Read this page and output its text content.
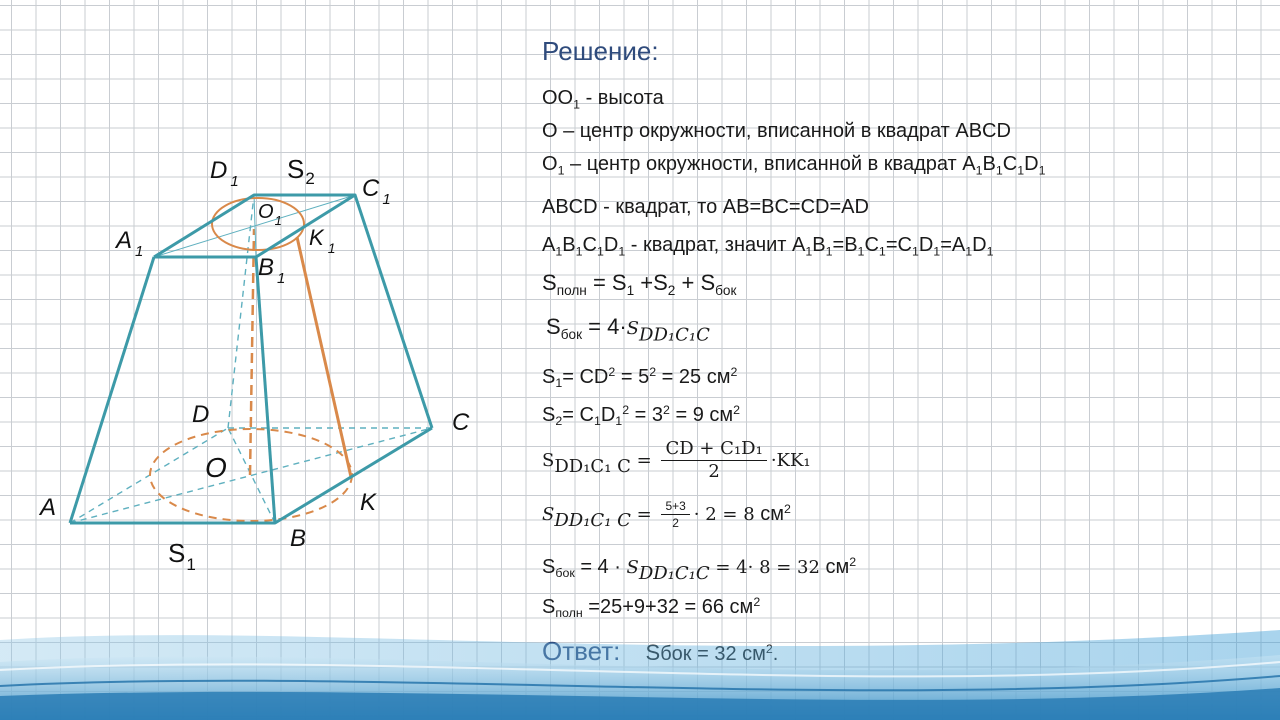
A
B
C
D
O
K
A $_1$
B $_1$
C $_1$
D $_1$
$O_1$
K $_1$
$S_2$
$S_1$
Решение:
$OO_1$ - высота
O – центр окружности, вписанной в квадрат ABCD
$O_1$ – центр окружности, вписанной в квадрат $A_1B_1C_1D_1$
ABCD - квадрат, то AB=BC=CD=AD
$A_1B_1C_1D_1$ - квадрат, значит $A_1B_1=B_1C_1=C_1D_1=A_1D_1$
$S_{полн} = S_1 +S_2 + S_{бок}$
$S_{бок} = 4\cdot S_{DD_1C_1C}$
$S_1= CD^2 = 5^2 = 25$ $см^2$
$S_2= C_1D_1^2 = 3^2 = 9$ $см^2$
$S_{DD_1C_1 C} = \frac{\text{CD + C₁D₁}}{2} \cdot KK_1$
$S_{DD_1C_1 C} = \frac{5+3}{2} \cdot 2 = 8$ $см^2$
$S_{бок} = 4 \cdot S_{DD_1C_1C} = 4\cdot 8 = 32$ $см^2$
$S_{полн} =25+9+32 = 66$ $см^2$
